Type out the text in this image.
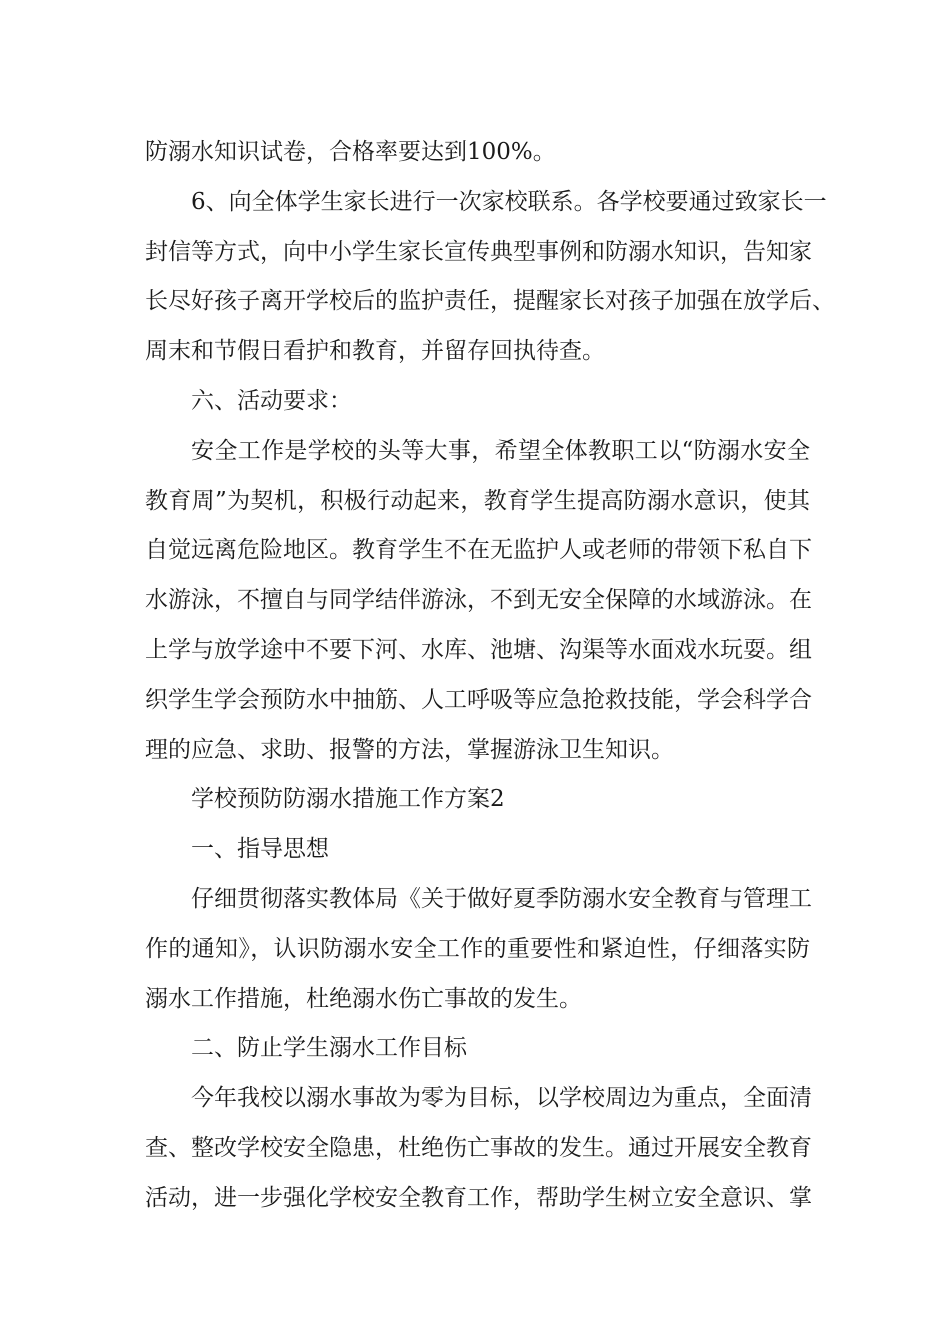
防溺水知识试卷，合格率要达到100%。
6、向全体学生家长进行一次家校联系。各学校要通过致家长一
封信等方式，向中小学生家长宣传典型事例和防溺水知识，告知家
长尽好孩子离开学校后的监护责任，提醒家长对孩子加强在放学后、
周末和节假日看护和教育，并留存回执待查。
六、活动要求：
安全工作是学校的头等大事，希望全体教职工以“防溺水安全
教育周”为契机，积极行动起来，教育学生提高防溺水意识，使其
自觉远离危险地区。教育学生不在无监护人或老师的带领下私自下
水游泳，不擅自与同学结伴游泳，不到无安全保障的水域游泳。在
上学与放学途中不要下河、水库、池塘、沟渠等水面戏水玩耍。组
织学生学会预防水中抽筋、人工呼吸等应急抢救技能，学会科学合
理的应急、求助、报警的方法，掌握游泳卫生知识。
学校预防防溺水措施工作方案2
一、指导思想
仔细贯彻落实教体局《关于做好夏季防溺水安全教育与管理工
作的通知》，认识防溺水安全工作的重要性和紧迫性，仔细落实防
溺水工作措施，杜绝溺水伤亡事故的发生。
二、防止学生溺水工作目标
今年我校以溺水事故为零为目标，以学校周边为重点，全面清
查、整改学校安全隐患，杜绝伤亡事故的发生。通过开展安全教育
活动，进一步强化学校安全教育工作，帮助学生树立安全意识、掌
